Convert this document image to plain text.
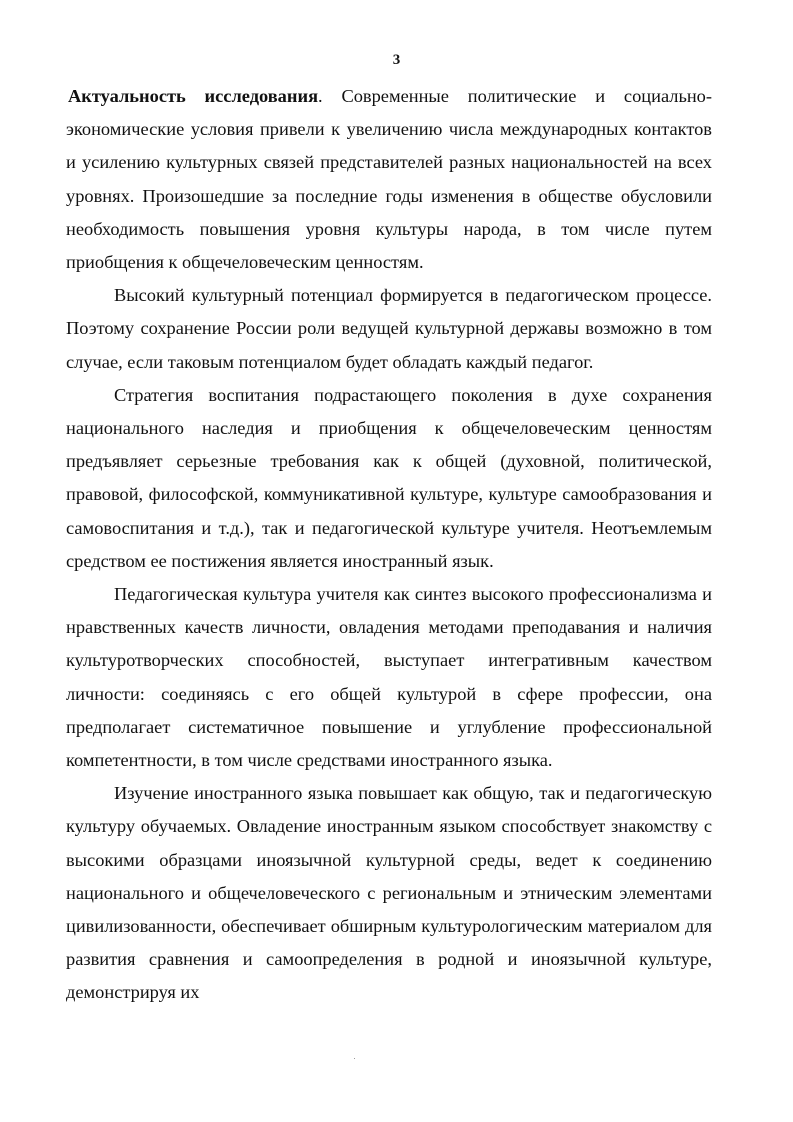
3

Актуальность исследования. Современные политические и социально-экономические условия привели к увеличению числа международных контактов и усилению культурных связей представителей разных национальностей на всех уровнях. Произошедшие за последние годы изменения в обществе обусловили необходимость повышения уровня культуры народа, в том числе путем приобщения к общечеловеческим ценностям.

Высокий культурный потенциал формируется в педагогическом процессе. Поэтому сохранение России роли ведущей культурной державы возможно в том случае, если таковым потенциалом будет обладать каждый педагог.

Стратегия воспитания подрастающего поколения в духе сохранения национального наследия и приобщения к общечеловеческим ценностям предъявляет серьезные требования как к общей (духовной, политической, правовой, философской, коммуникативной культуре, культуре самообразования и самовоспитания и т.д.), так и педагогической культуре учителя. Неотъемлемым средством ее постижения является иностранный язык.

Педагогическая культура учителя как синтез высокого профессионализма и нравственных качеств личности, овладения методами преподавания и наличия культуротворческих способностей, выступает интегративным качеством личности: соединяясь с его общей культурой в сфере профессии, она предполагает систематичное повышение и углубление профессиональной компетентности, в том числе средствами иностранного языка.

Изучение иностранного языка повышает как общую, так и педагогическую культуру обучаемых. Овладение иностранным языком способствует знакомству с высокими образцами иноязычной культурной среды, ведет к соединению национального и общечеловеческого с региональным и этническим элементами цивилизованности, обеспечивает обширным культурологическим материалом для развития сравнения и самоопределения в родной и иноязычной культуре, демонстрируя их
